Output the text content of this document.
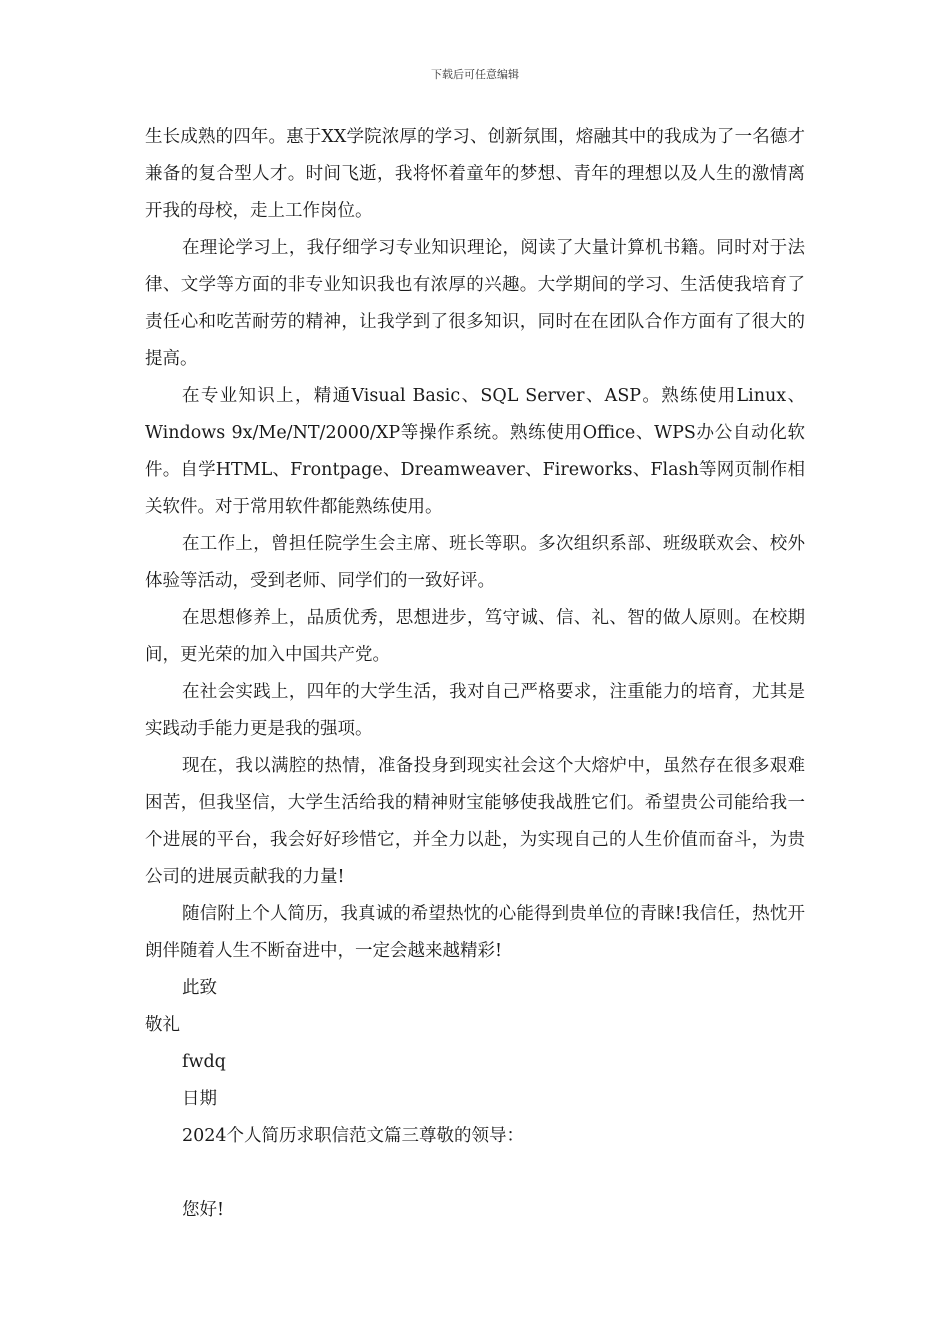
下载后可任意编辑

生长成熟的四年。惠于XX学院浓厚的学习、创新氛围，熔融其中的我成为了一名德才兼备的复合型人才。时间飞逝，我将怀着童年的梦想、青年的理想以及人生的激情离开我的母校，走上工作岗位。

在理论学习上，我仔细学习专业知识理论，阅读了大量计算机书籍。同时对于法律、文学等方面的非专业知识我也有浓厚的兴趣。大学期间的学习、生活使我培育了责任心和吃苦耐劳的精神，让我学到了很多知识，同时在在团队合作方面有了很大的提高。

在专业知识上，精通Visual Basic、SQL Server、ASP。熟练使用Linux、Windows 9x/Me/NT/2000/XP等操作系统。熟练使用Office、WPS办公自动化软件。自学HTML、Frontpage、Dreamweaver、Fireworks、Flash等网页制作相关软件。对于常用软件都能熟练使用。

在工作上，曾担任院学生会主席、班长等职。多次组织系部、班级联欢会、校外体验等活动，受到老师、同学们的一致好评。

在思想修养上，品质优秀，思想进步，笃守诚、信、礼、智的做人原则。在校期间，更光荣的加入中国共产党。

在社会实践上，四年的大学生活，我对自己严格要求，注重能力的培育，尤其是实践动手能力更是我的强项。

现在，我以满腔的热情，准备投身到现实社会这个大熔炉中，虽然存在很多艰难困苦，但我坚信，大学生活给我的精神财宝能够使我战胜它们。希望贵公司能给我一个进展的平台，我会好好珍惜它，并全力以赴，为实现自己的人生价值而奋斗，为贵公司的进展贡献我的力量!

随信附上个人简历，我真诚的希望热忱的心能得到贵单位的青睐!我信任，热忱开朗伴随着人生不断奋进中，一定会越来越精彩!

此致

敬礼

fwdq

日期

2024个人简历求职信范文篇三尊敬的领导：

您好!
